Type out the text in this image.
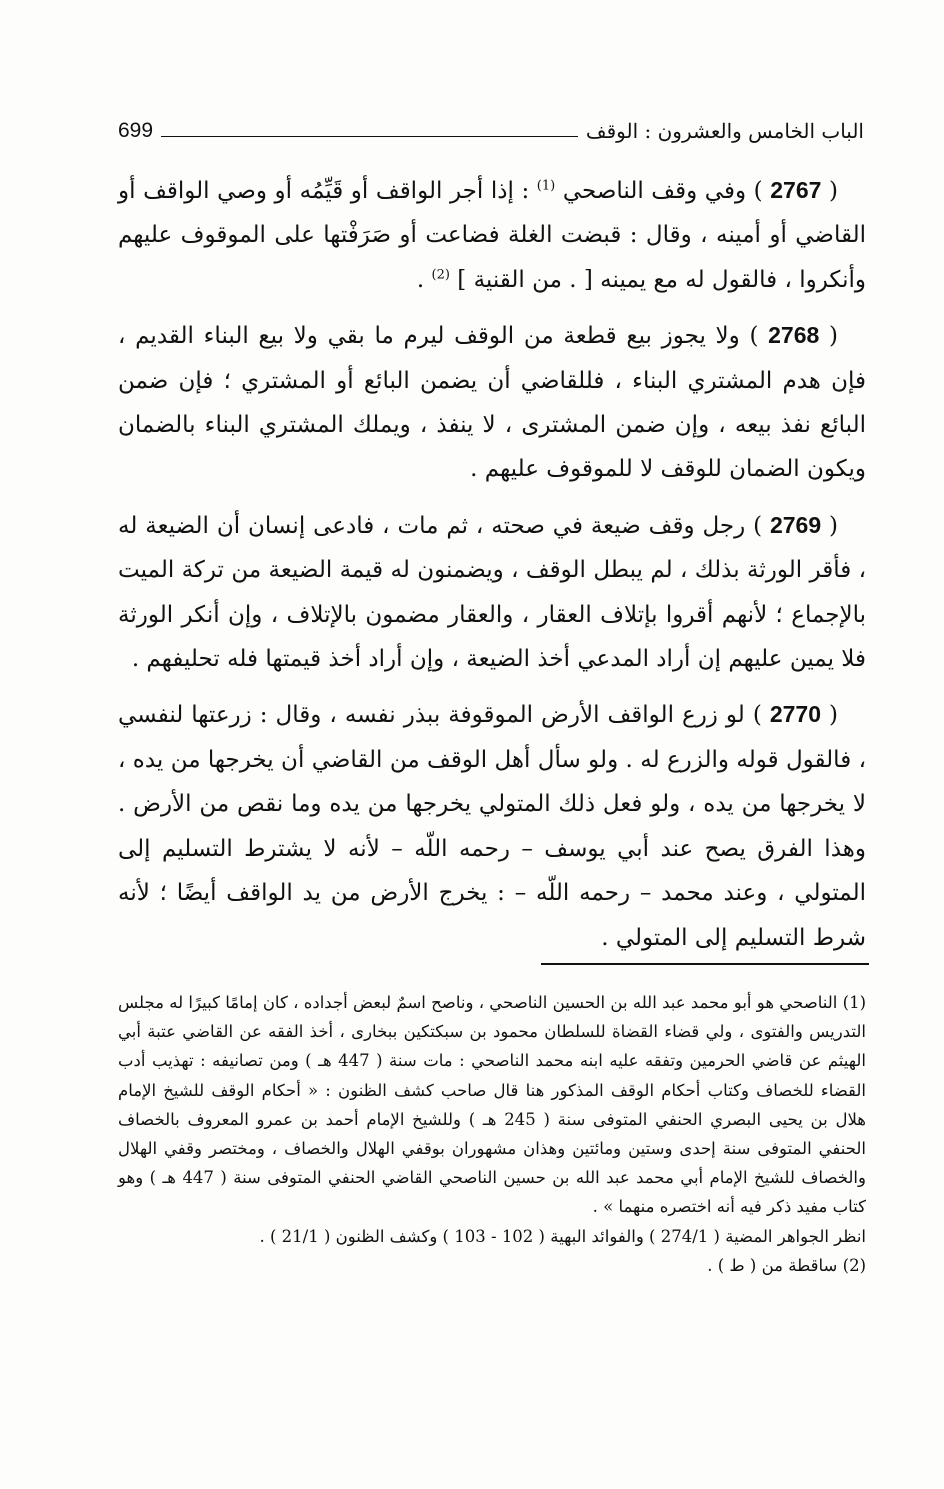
الباب الخامس والعشرون : الوقف
699

( 2767 ) وفي وقف الناصحي $^{(1)}$ : إذا أجر الواقف أو قَيِّمُه أو وصي الواقف أو القاضي أو أمينه ، وقال : قبضت الغلة فضاعت أو صَرَفْتها على الموقوف عليهم وأنكروا ، فالقول له مع يمينه [ . من القنية ] $^{(2)}$ .

( 2768 ) ولا يجوز بيع قطعة من الوقف ليرم ما بقي ولا بيع البناء القديم ، فإن هدم المشتري البناء ، فللقاضي أن يضمن البائع أو المشتري ؛ فإن ضمن البائع نفذ بيعه ، وإن ضمن المشترى ، لا ينفذ ، ويملك المشتري البناء بالضمان ويكون الضمان للوقف لا للموقوف عليهم .

( 2769 ) رجل وقف ضيعة في صحته ، ثم مات ، فادعى إنسان أن الضيعة له ، فأقر الورثة بذلك ، لم يبطل الوقف ، ويضمنون له قيمة الضيعة من تركة الميت بالإجماع ؛ لأنهم أقروا بإتلاف العقار ، والعقار مضمون بالإتلاف ، وإن أنكر الورثة فلا يمين عليهم إن أراد المدعي أخذ الضيعة ، وإن أراد أخذ قيمتها فله تحليفهم .

( 2770 ) لو زرع الواقف الأرض الموقوفة ببذر نفسه ، وقال : زرعتها لنفسي ، فالقول قوله والزرع له . ولو سأل أهل الوقف من القاضي أن يخرجها من يده ، لا يخرجها من يده ، ولو فعل ذلك المتولي يخرجها من يده وما نقص من الأرض . وهذا الفرق يصح عند أبي يوسف – رحمه اللّه – لأنه لا يشترط التسليم إلى المتولي ، وعند محمد – رحمه اللّه – : يخرج الأرض من يد الواقف أيضًا ؛ لأنه شرط التسليم إلى المتولي .

(1) الناصحي هو أبو محمد عبد الله بن الحسين الناصحي ، وناصح اسمٌ لبعض أجداده ، كان إمامًا كبيرًا له مجلس التدريس والفتوى ، ولي قضاء القضاة للسلطان محمود بن سبكتكين ببخارى ، أخذ الفقه عن القاضي عتبة أبي الهيثم عن قاضي الحرمين وتفقه عليه ابنه محمد الناصحي : مات سنة ( 447 هـ ) ومن تصانيفه : تهذيب أدب القضاء للخصاف وكتاب أحكام الوقف المذكور هنا قال صاحب كشف الظنون : « أحكام الوقف للشيخ الإمام هلال بن يحيى البصري الحنفي المتوفى سنة ( 245 هـ ) وللشيخ الإمام أحمد بن عمرو المعروف بالخصاف الحنفي المتوفى سنة إحدى وستين ومائتين وهذان مشهوران بوقفي الهلال والخصاف ، ومختصر وقفي الهلال والخصاف للشيخ الإمام أبي محمد عبد الله بن حسين الناصحي القاضي الحنفي المتوفى سنة ( 447 هـ ) وهو كتاب مفيد ذكر فيه أنه اختصره منهما » .

انظر الجواهر المضية ( 274/1 ) والفوائد البهية ( 102 - 103 ) وكشف الظنون ( 21/1 ) .

(2) ساقطة من ( ط ) .
